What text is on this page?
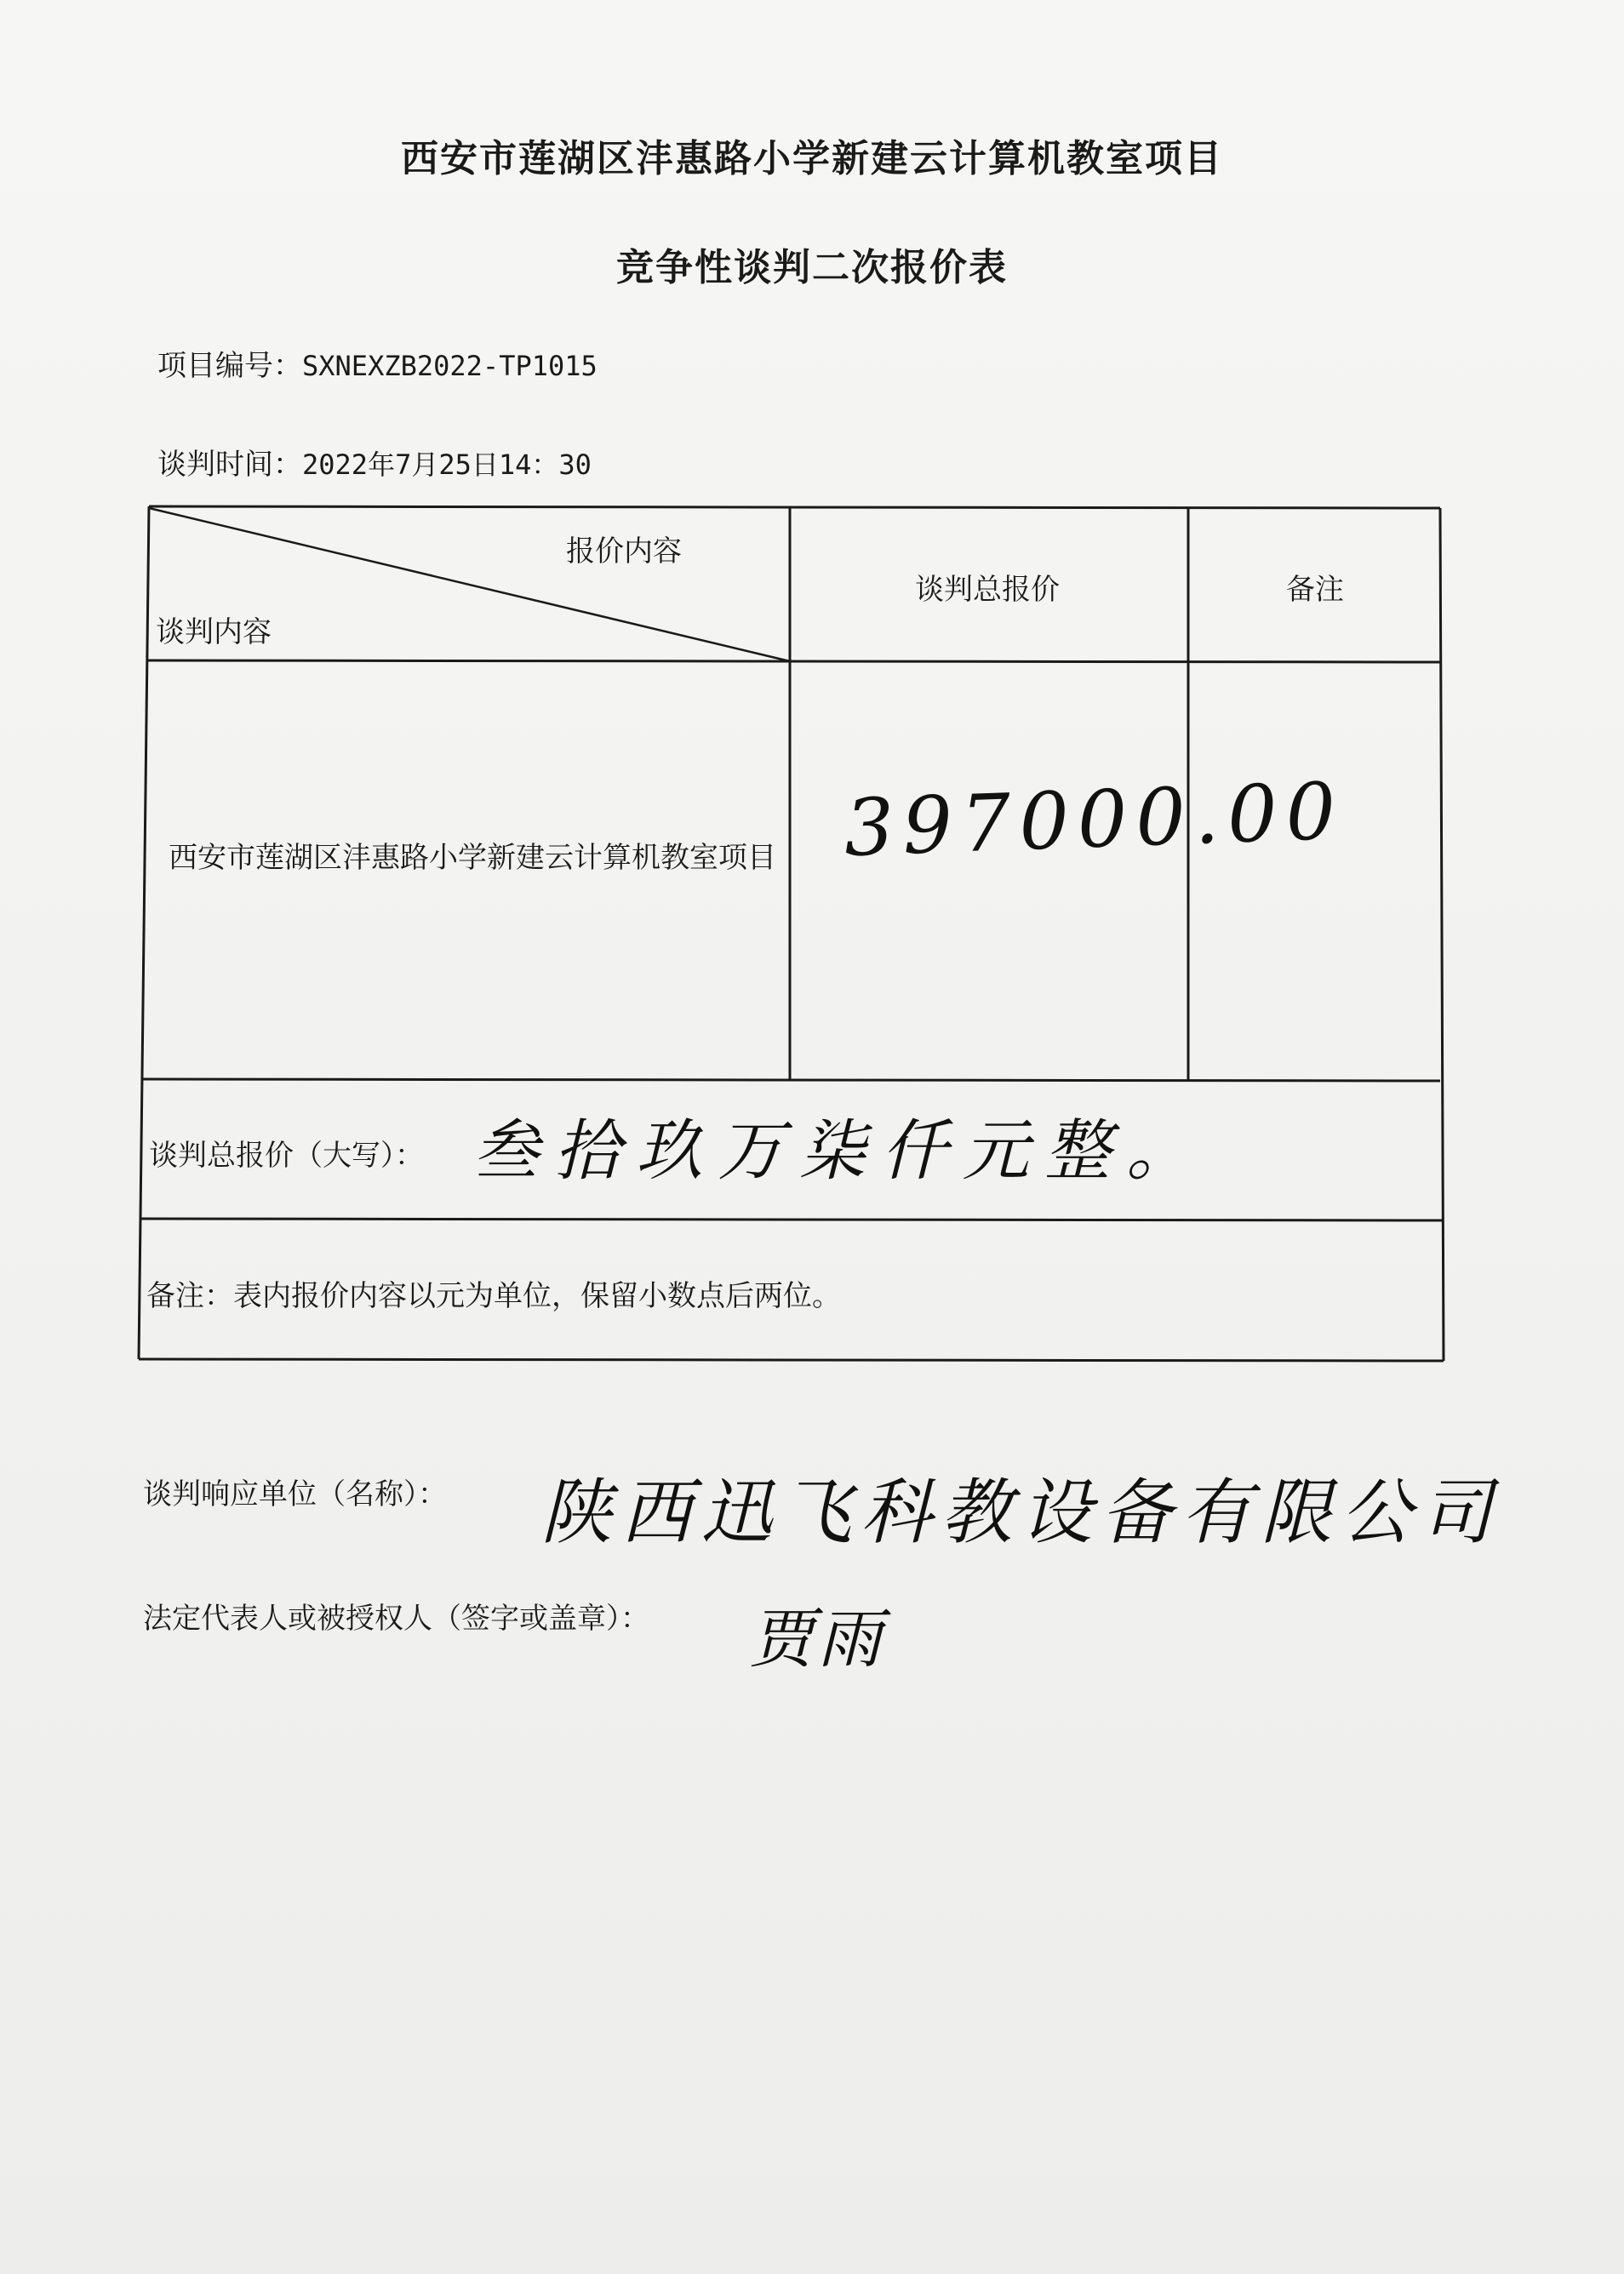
西安市莲湖区沣惠路小学新建云计算机教室项目
竞争性谈判二次报价表
项目编号：SXNEXZB2022-TP1015
谈判时间：2022年7月25日14：30
报价内容
谈判内容
谈判总报价	备注
西安市莲湖区沣惠路小学新建云计算机教室项目 397000.00
谈判总报价（大写）： 叁拾玖万柒仟元整。
备注：表内报价内容以元为单位，保留小数点后两位。
谈判响应单位（名称）： 陕西迅飞科教设备有限公司
法定代表人或被授权人（签字或盖章）： 贾雨
